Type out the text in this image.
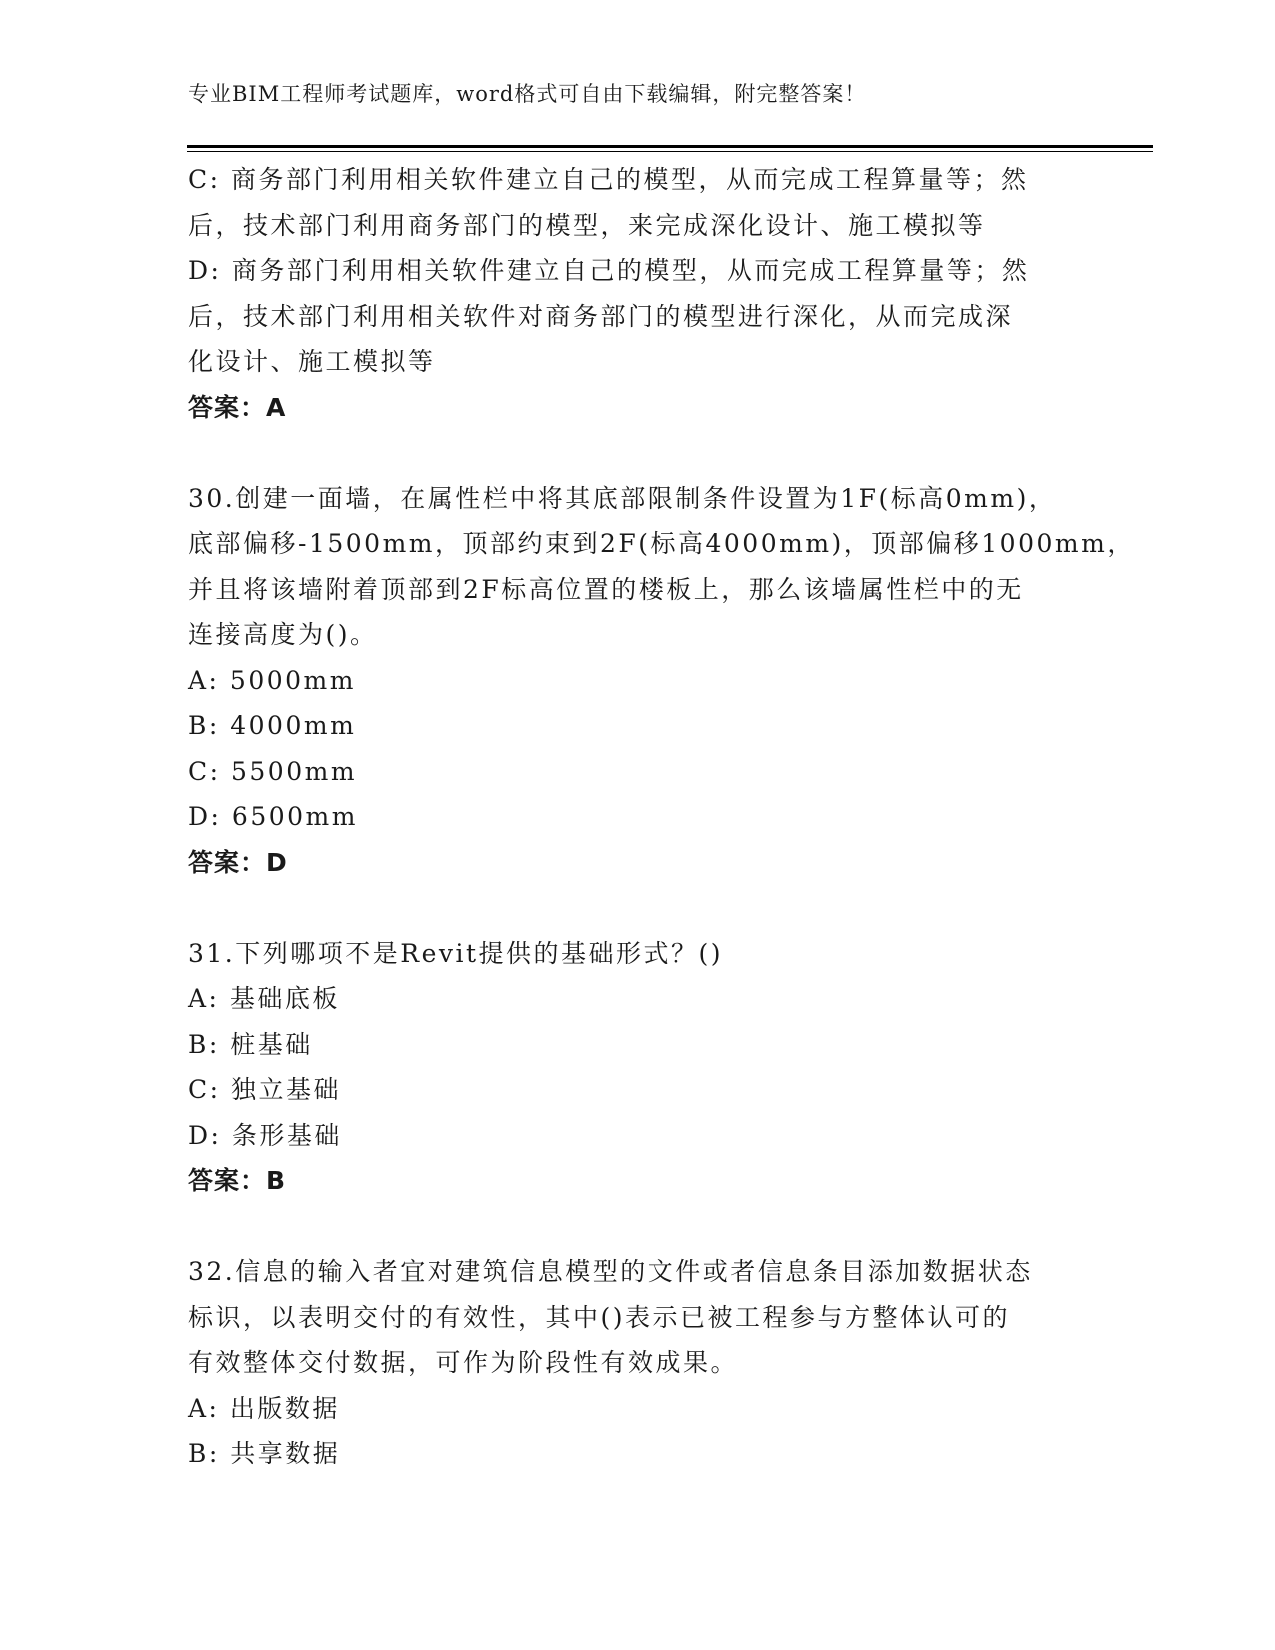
专业BIM工程师考试题库，word格式可自由下载编辑，附完整答案！
C: 商务部门利用相关软件建立自己的模型，从而完成工程算量等；然
后，技术部门利用商务部门的模型，来完成深化设计、施工模拟等
D: 商务部门利用相关软件建立自己的模型，从而完成工程算量等；然
后，技术部门利用相关软件对商务部门的模型进行深化，从而完成深
化设计、施工模拟等
答案：A
30.创建一面墙，在属性栏中将其底部限制条件设置为1F(标高0mm)，
底部偏移-1500mm，顶部约束到2F(标高4000mm)，顶部偏移1000mm，
并且将该墙附着顶部到2F标高位置的楼板上，那么该墙属性栏中的无
连接高度为()。
A: 5000mm
B: 4000mm
C: 5500mm
D: 6500mm
答案：D
31.下列哪项不是Revit提供的基础形式？()
A: 基础底板
B: 桩基础
C: 独立基础
D: 条形基础
答案：B
32.信息的输入者宜对建筑信息模型的文件或者信息条目添加数据状态
标识，以表明交付的有效性，其中()表示已被工程参与方整体认可的
有效整体交付数据，可作为阶段性有效成果。
A: 出版数据
B: 共享数据
